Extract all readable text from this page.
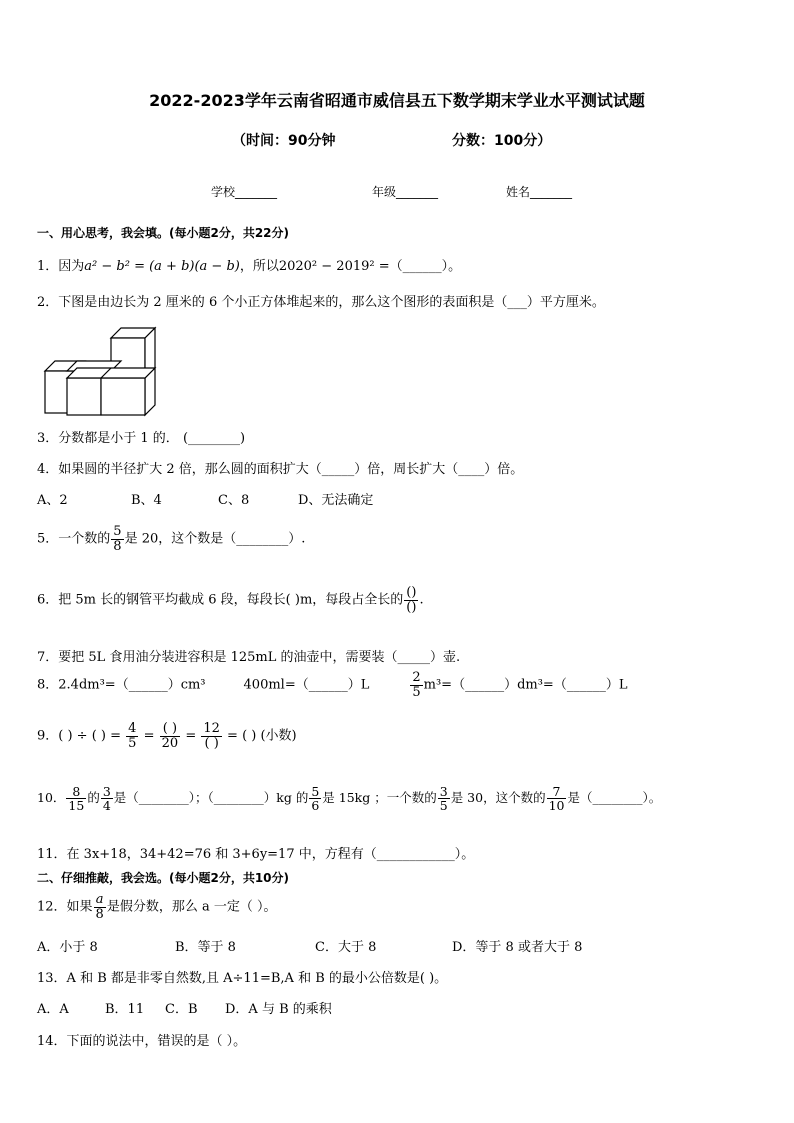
2022-2023学年云南省昭通市威信县五下数学期末学业水平测试试题
（时间：90分钟	分数：100分）
学校_______	年级_______	姓名_______
一、用心思考，我会填。(每小题2分，共22分)
1．因为a² − b² = (a + b)(a − b)，所以2020² − 2019² =（______）。
2．下图是由边长为 2 厘米的 6 个小正方体堆起来的，那么这个图形的表面积是（___）平方厘米。
3．分数都是小于 1 的． (________)
4．如果圆的半径扩大 2 倍，那么圆的面积扩大（_____）倍，周长扩大（____）倍。
A、2	B、4	C、8	D、无法确定
5．一个数的 $\frac{5}{8}$ 是 20，这个数是（________）.
6．把 5m 长的钢管平均截成 6 段，每段长( )m，每段占全长的 $\frac{()}{()}$ .
7．要把 5L 食用油分装进容积是 125mL 的油壶中，需要装（_____）壶.
8．2.4dm³=（______）cm³	400ml=（______）L	$\frac{2}{5}$ m³=（______）dm³=（______）L
9．( ) ÷ ( ) = $\frac{4}{5} = \frac{( )}{20} = \frac{12}{( )}$ = ( ) (小数)
10． $\frac{8}{15}$ 的 $\frac{3}{4}$ 是（________）；（________）kg 的 $\frac{5}{6}$ 是 15kg ；一个数的 $\frac{3}{5}$ 是 30，这个数的 $\frac{7}{10}$ 是（________）。
11．在 3x+18，34+42=76 和 3+6y=17 中，方程有（____________）。
二、仔细推敲，我会选。(每小题2分，共10分)
12．如果 $\frac{a}{8}$ 是假分数，那么 a 一定（ ）。
A．小于 8	B．等于 8	C．大于 8	D．等于 8 或者大于 8
13．A 和 B 都是非零自然数,且 A÷11=B,A 和 B 的最小公倍数是( )。
A．A	B．11 C．B D．A 与 B 的乘积
14．下面的说法中，错误的是（ ）。
